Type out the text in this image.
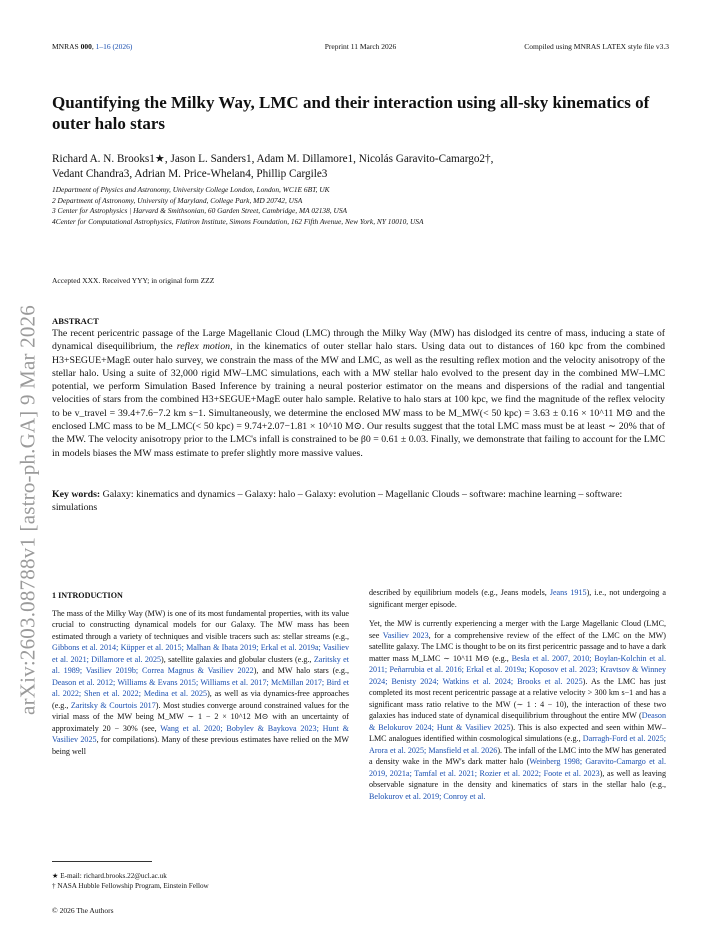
MNRAS 000, 1–16 (2026)	Preprint 11 March 2026	Compiled using MNRAS LATEX style file v3.3
arXiv:2603.08788v1 [astro-ph.GA] 9 Mar 2026
Quantifying the Milky Way, LMC and their interaction using all-sky kinematics of outer halo stars
Richard A. N. Brooks1★, Jason L. Sanders1, Adam M. Dillamore1, Nicolás Garavito-Camargo2†,
Vedant Chandra3, Adrian M. Price-Whelan4, Phillip Cargile3
1Department of Physics and Astronomy, University College London, London, WC1E 6BT, UK
2 Department of Astronomy, University of Maryland, College Park, MD 20742, USA
3 Center for Astrophysics | Harvard & Smithsonian, 60 Garden Street, Cambridge, MA 02138, USA
4Center for Computational Astrophysics, Flatiron Institute, Simons Foundation, 162 Fifth Avenue, New York, NY 10010, USA
Accepted XXX. Received YYY; in original form ZZZ
ABSTRACT
The recent pericentric passage of the Large Magellanic Cloud (LMC) through the Milky Way (MW) has dislodged its centre of mass, inducing a state of dynamical disequilibrium, the reflex motion, in the kinematics of outer stellar halo stars. Using data out to distances of 160 kpc from the combined H3+SEGUE+MagE outer halo survey, we constrain the mass of the MW and LMC, as well as the resulting reflex motion and the velocity anisotropy of the stellar halo. Using a suite of 32,000 rigid MW–LMC simulations, each with a MW stellar halo evolved to the present day in the combined MW–LMC potential, we perform Simulation Based Inference by training a neural posterior estimator on the means and dispersions of the radial and tangential velocities of stars from the combined H3+SEGUE+MagE outer halo sample. Relative to halo stars at 100 kpc, we find the magnitude of the reflex velocity to be v_travel = 39.4+7.6−7.2 km s−1. Simultaneously, we determine the enclosed MW mass to be M_MW(< 50 kpc) = 3.63 ± 0.16 × 10^11 M⊙ and the enclosed LMC mass to be M_LMC(< 50 kpc) = 9.74+2.07−1.81 × 10^10 M⊙. Our results suggest that the total LMC mass must be at least ∼ 20% that of the MW. The velocity anisotropy prior to the LMC's infall is constrained to be β0 = 0.61 ± 0.03. Finally, we demonstrate that failing to account for the LMC in models biases the MW mass estimate to prefer slightly more massive values.
Key words: Galaxy: kinematics and dynamics – Galaxy: halo – Galaxy: evolution – Magellanic Clouds – software: machine learning – software: simulations
1 INTRODUCTION

The mass of the Milky Way (MW) is one of its most fundamental properties, with its value crucial to constructing dynamical models for our Galaxy. The MW mass has been estimated through a variety of techniques and visible tracers such as: stellar streams (e.g., Gibbons et al. 2014; Küpper et al. 2015; Malhan & Ibata 2019; Erkal et al. 2019a; Vasiliev et al. 2021; Dillamore et al. 2025), satellite galaxies and globular clusters (e.g., Zaritsky et al. 1989; Vasiliev 2019b; Correa Magnus & Vasiliev 2022), and MW halo stars (e.g., Deason et al. 2012; Williams & Evans 2015; Williams et al. 2017; McMillan 2017; Bird et al. 2022; Shen et al. 2022; Medina et al. 2025), as well as via dynamics-free approaches (e.g., Zaritsky & Courtois 2017). Most studies converge around constrained values for the virial mass of the MW being M_MW ∼ 1 − 2 × 10^12 M⊙ with an uncertainty of approximately 20 − 30% (see, Wang et al. 2020; Bobylev & Baykova 2023; Hunt & Vasiliev 2025, for compilations). Many of these previous estimates have relied on the MW being well

described by equilibrium models (e.g., Jeans models, Jeans 1915), i.e., not undergoing a significant merger episode.

Yet, the MW is currently experiencing a merger with the Large Magellanic Cloud (LMC, see Vasiliev 2023, for a comprehensive review of the effect of the LMC on the MW) satellite galaxy. The LMC is thought to be on its first pericentric passage and to have a dark matter mass M_LMC ∼ 10^11 M⊙ (e.g., Besla et al. 2007, 2010; Boylan-Kolchin et al. 2011; Peñarrubia et al. 2016; Erkal et al. 2019a; Koposov et al. 2023; Kravtsov & Winney 2024; Benisty 2024; Watkins et al. 2024; Brooks et al. 2025). As the LMC has just completed its most recent pericentric passage at a relative velocity > 300 km s−1 and has a significant mass ratio relative to the MW (∼ 1 : 4 − 10), the interaction of these two galaxies has induced state of dynamical disequilibrium throughout the entire MW (Deason & Belokurov 2024; Hunt & Vasiliev 2025). This is also expected and seen within MW–LMC analogues identified within cosmological simulations (e.g., Darragh-Ford et al. 2025; Arora et al. 2025; Mansfield et al. 2026). The infall of the LMC into the MW has generated a density wake in the MW's dark matter halo (Weinberg 1998; Garavito-Camargo et al. 2019, 2021a; Tamfal et al. 2021; Rozier et al. 2022; Foote et al. 2023), as well as leaving observable signature in the density and kinematics of stars in the stellar halo (e.g., Belokurov et al. 2019; Conroy et al.

★ E-mail: richard.brooks.22@ucl.ac.uk
† NASA Hubble Fellowship Program, Einstein Fellow
© 2026 The Authors
